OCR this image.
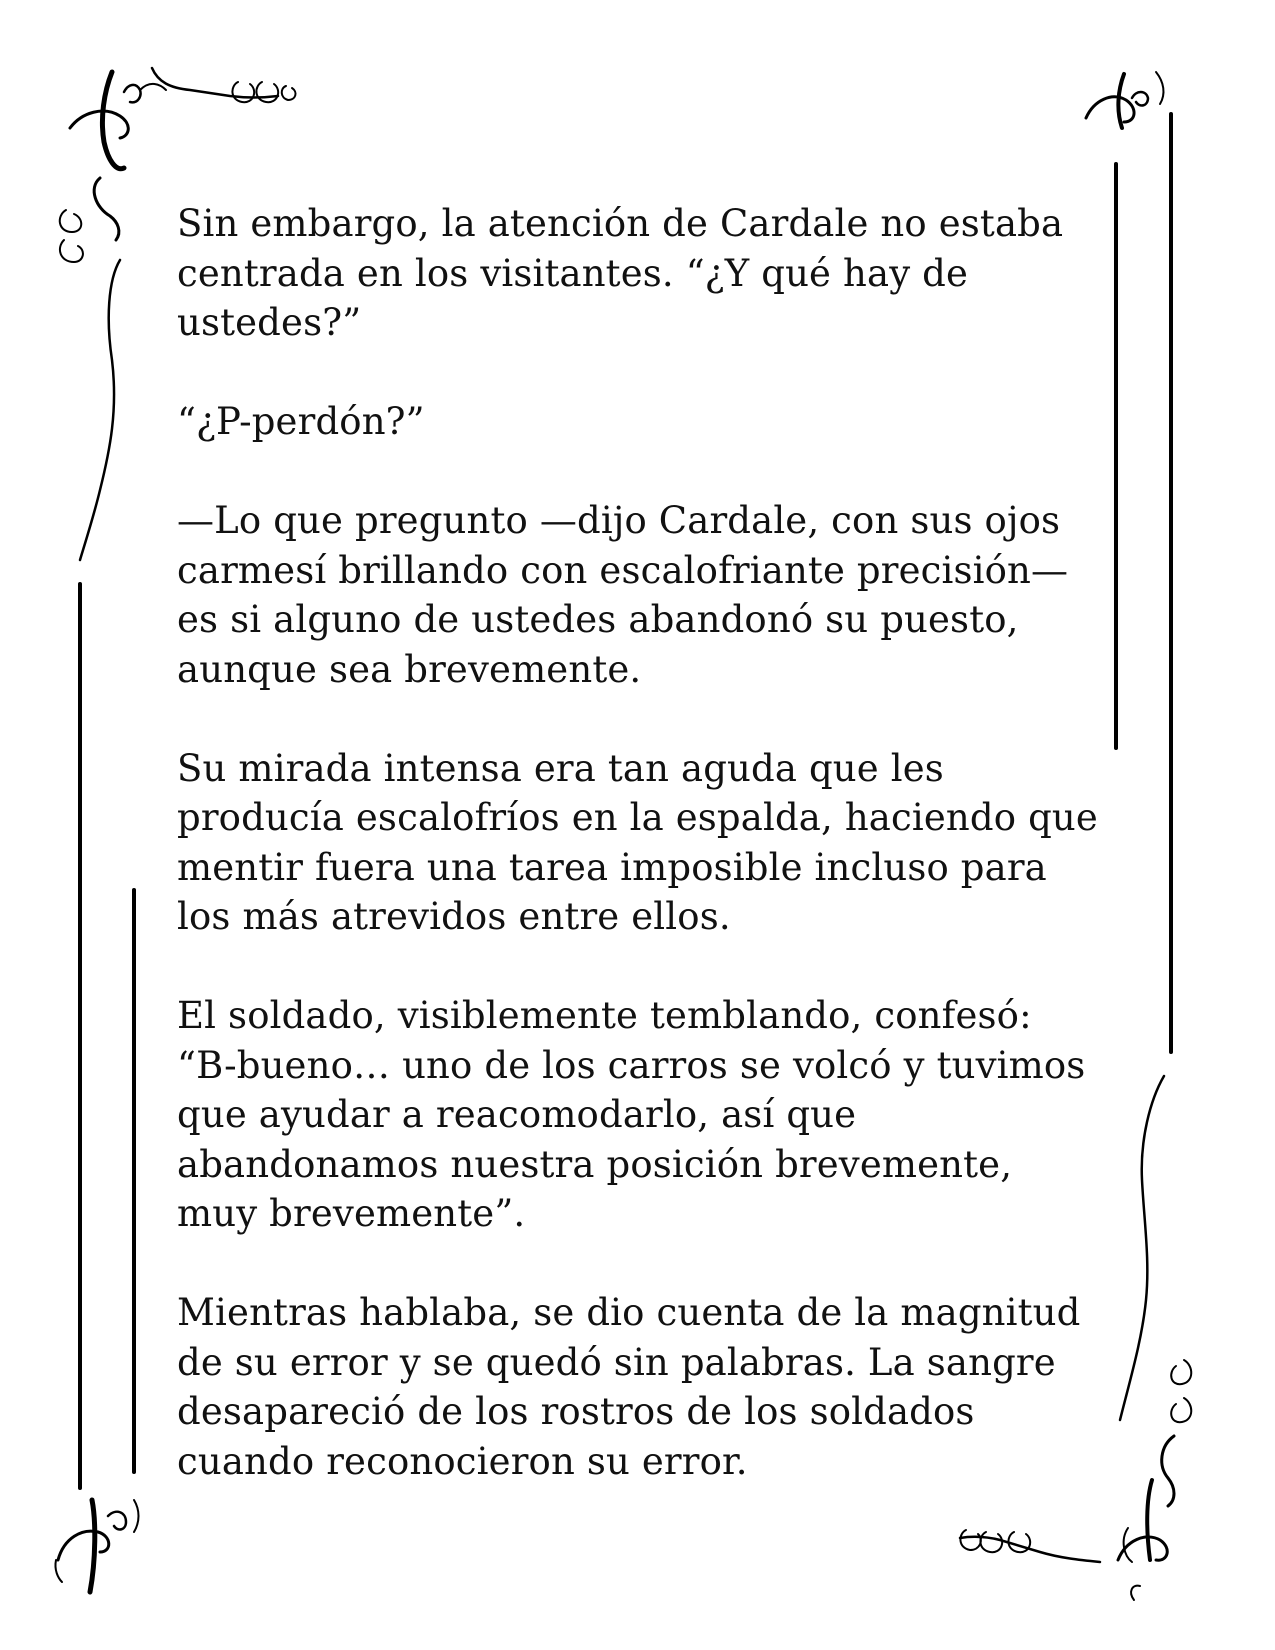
Sin embargo, la atención de Cardale no estaba
centrada en los visitantes. “¿Y qué hay de
ustedes?”

“¿P-perdón?”

—Lo que pregunto —dijo Cardale, con sus ojos
carmesí brillando con escalofriante precisión—
es si alguno de ustedes abandonó su puesto,
aunque sea brevemente.

Su mirada intensa era tan aguda que les
producía escalofríos en la espalda, haciendo que
mentir fuera una tarea imposible incluso para
los más atrevidos entre ellos.

El soldado, visiblemente temblando, confesó:
“B-bueno… uno de los carros se volcó y tuvimos
que ayudar a reacomodarlo, así que
abandonamos nuestra posición brevemente,
muy brevemente”.

Mientras hablaba, se dio cuenta de la magnitud
de su error y se quedó sin palabras. La sangre
desapareció de los rostros de los soldados
cuando reconocieron su error.
